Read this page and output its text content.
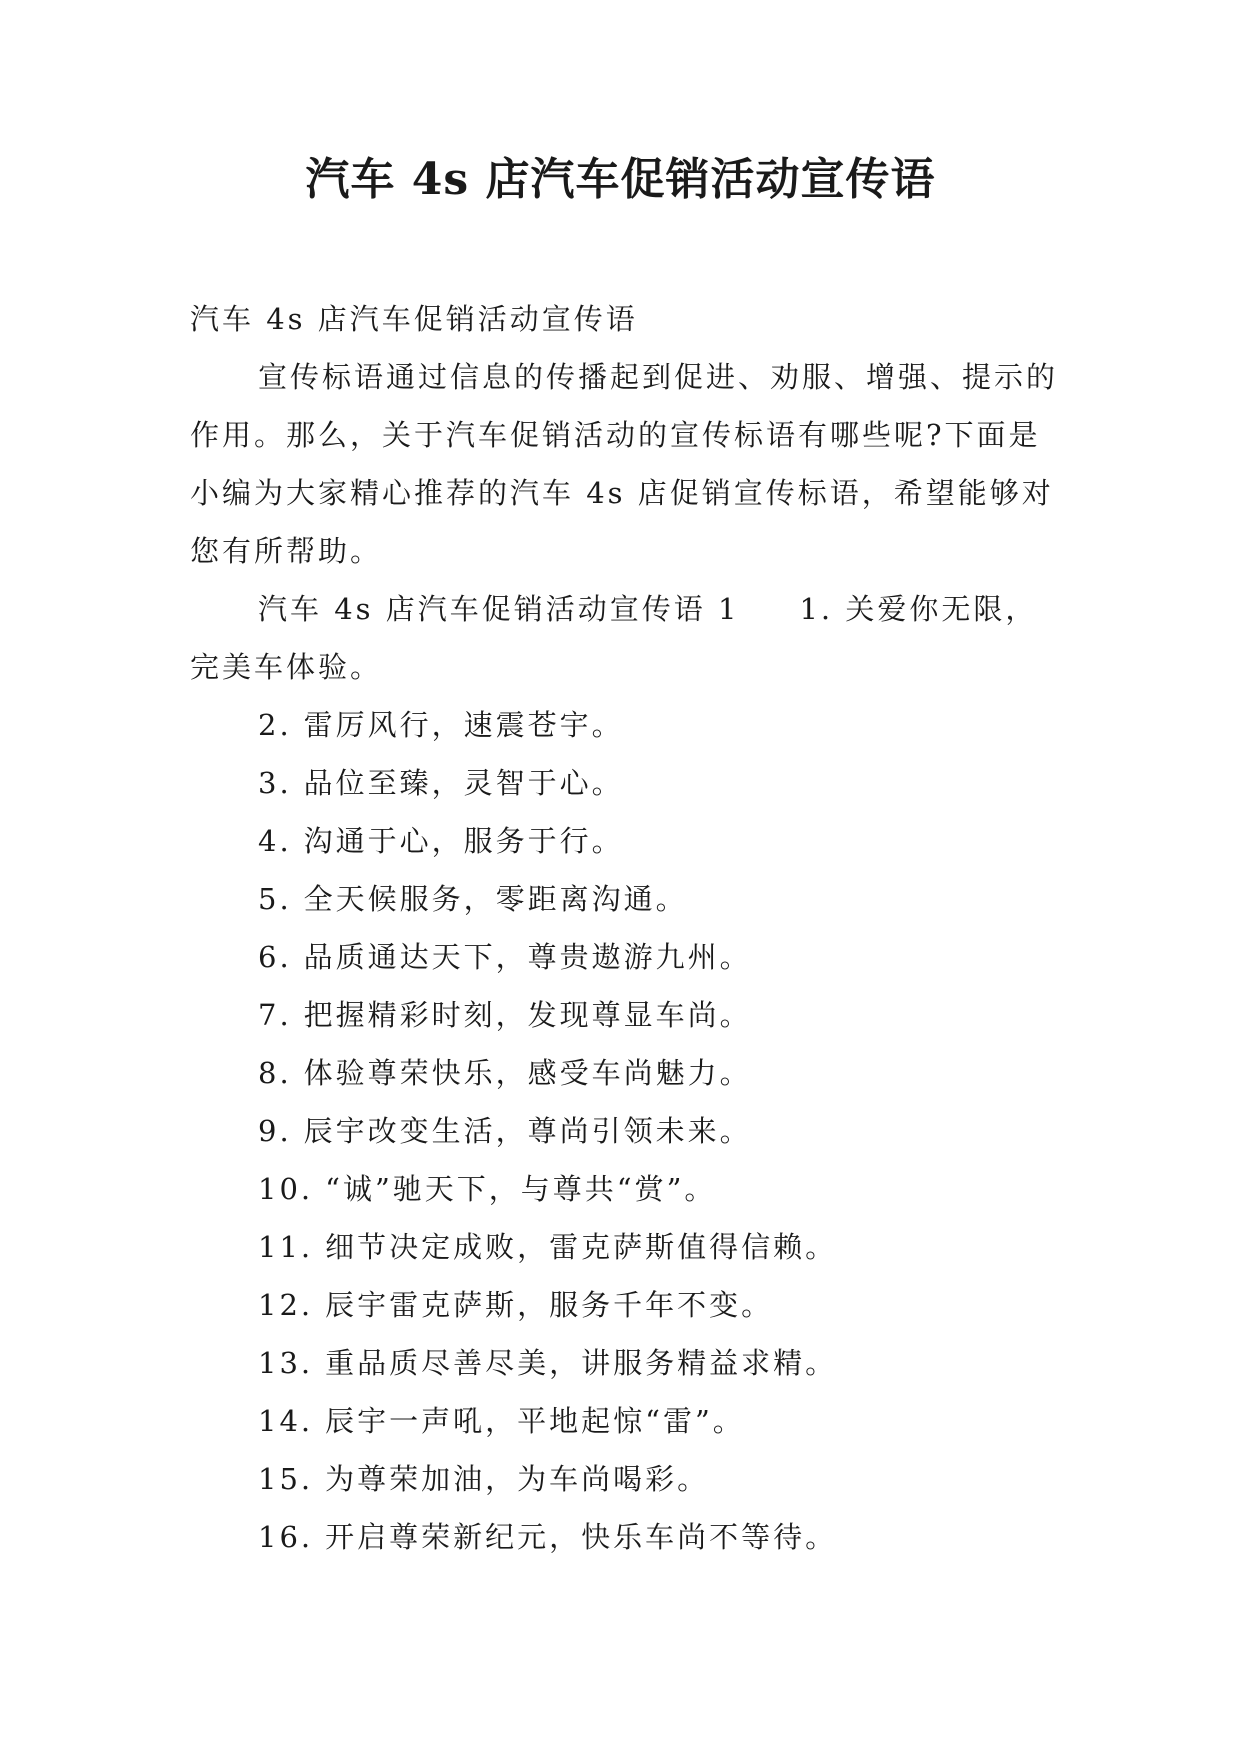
汽车 4s 店汽车促销活动宣传语

汽车 4s 店汽车促销活动宣传语

宣传标语通过信息的传播起到促进、劝服、增强、提示的作用。那么，关于汽车促销活动的宣传标语有哪些呢?下面是小编为大家精心推荐的汽车 4s 店促销宣传标语，希望能够对您有所帮助。

汽车 4s 店汽车促销活动宣传语 1 1. 关爱你无限，完美车体验。

2. 雷厉风行，速震苍宇。

3. 品位至臻，灵智于心。

4. 沟通于心，服务于行。

5. 全天候服务，零距离沟通。

6. 品质通达天下，尊贵遨游九州。

7. 把握精彩时刻，发现尊显车尚。

8. 体验尊荣快乐，感受车尚魅力。

9. 辰宇改变生活，尊尚引领未来。

10. “诚”驰天下，与尊共“赏”。

11. 细节决定成败，雷克萨斯值得信赖。

12. 辰宇雷克萨斯，服务千年不变。

13. 重品质尽善尽美，讲服务精益求精。

14. 辰宇一声吼，平地起惊“雷”。

15. 为尊荣加油，为车尚喝彩。

16. 开启尊荣新纪元，快乐车尚不等待。
